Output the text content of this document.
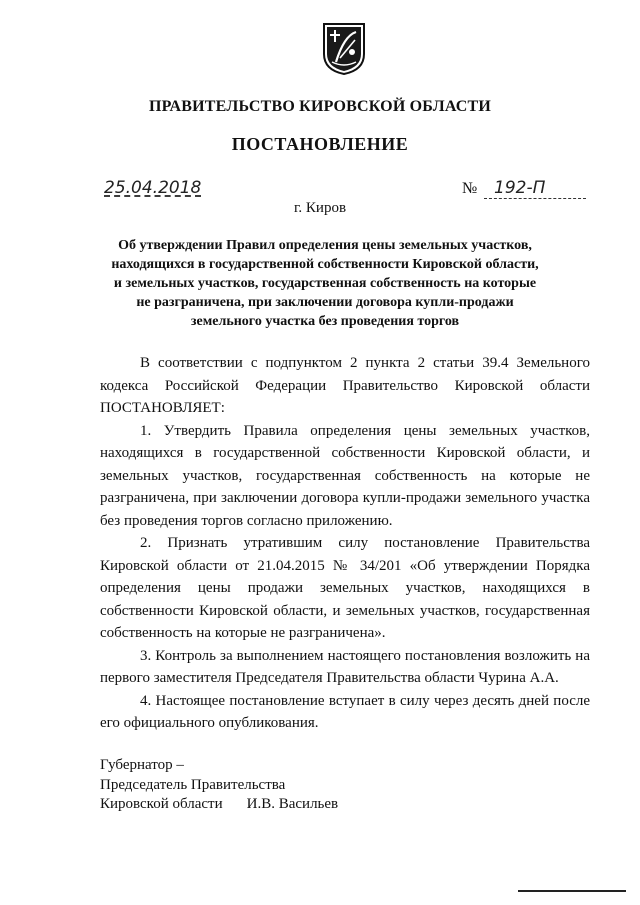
ПРАВИТЕЛЬСТВО КИРОВСКОЙ ОБЛАСТИ
ПОСТАНОВЛЕНИЕ
25.04.2018	№ 192-П
г. Киров
Об утверждении Правил определения цены земельных участков,
находящихся в государственной собственности Кировской области,
и земельных участков, государственная собственность на которые
не разграничена, при заключении договора купли-продажи
земельного участка без проведения торгов

В соответствии с подпунктом 2 пункта 2 статьи 39.4 Земельного кодекса Российской Федерации Правительство Кировской области ПОСТАНОВЛЯЕТ:

1. Утвердить Правила определения цены земельных участков, находящихся в государственной собственности Кировской области, и земельных участков, государственная собственность на которые не разграничена, при заключении договора купли-продажи земельного участка без проведения торгов согласно приложению.

2. Признать утратившим силу постановление Правительства Кировской области от 21.04.2015 № 34/201 «Об утверждении Порядка определения цены продажи земельных участков, находящихся в собственности Кировской области, и земельных участков, государственная собственность на которые не разграничена».

3. Контроль за выполнением настоящего постановления возложить на первого заместителя Председателя Правительства области Чурина А.А.

4. Настоящее постановление вступает в силу через десять дней после его официального опубликования.

Губернатор –
Председатель Правительства
Кировской области И.В. Васильев
